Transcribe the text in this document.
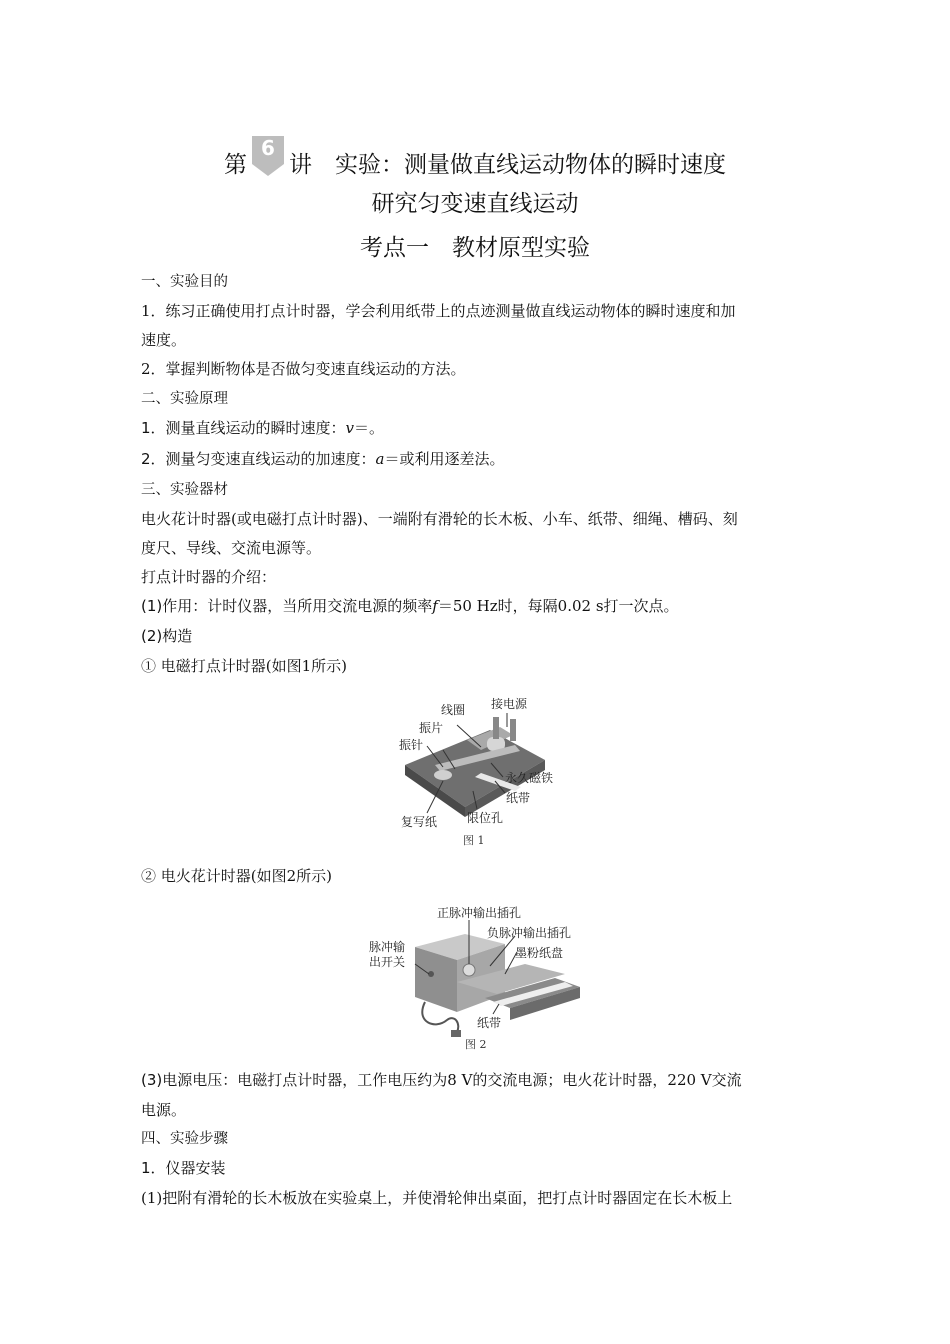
第
6
讲　实验：测量做直线运动物体的瞬时速度
研究匀变速直线运动
考点一　教材原型实验
一、实验目的
1．练习正确使用打点计时器，学会利用纸带上的点迹测量做直线运动物体的瞬时速度和加
速度。
2．掌握判断物体是否做匀变速直线运动的方法。
二、实验原理
1．测量直线运动的瞬时速度：v＝。
2．测量匀变速直线运动的加速度：a＝或利用逐差法。
三、实验器材
电火花计时器(或电磁打点计时器)、一端附有滑轮的长木板、小车、纸带、细绳、槽码、刻
度尺、导线、交流电源等。
打点计时器的介绍：
(1)作用：计时仪器，当所用交流电源的频率f＝50 Hz时，每隔0.02 s打一次点。
(2)构造
① 电磁打点计时器(如图1所示)
线圈 接电源
振片
振针
永久磁铁
纸带
复写纸 限位孔
图 1
② 电火花计时器(如图2所示)
正脉冲输出插孔
负脉冲输出插孔
脉冲输
出开关
墨粉纸盘
纸带
图 2
(3)电源电压：电磁打点计时器，工作电压约为8 V的交流电源；电火花计时器，220 V交流
电源。
四、实验步骤
1．仪器安装
(1)把附有滑轮的长木板放在实验桌上，并使滑轮伸出桌面，把打点计时器固定在长木板上
